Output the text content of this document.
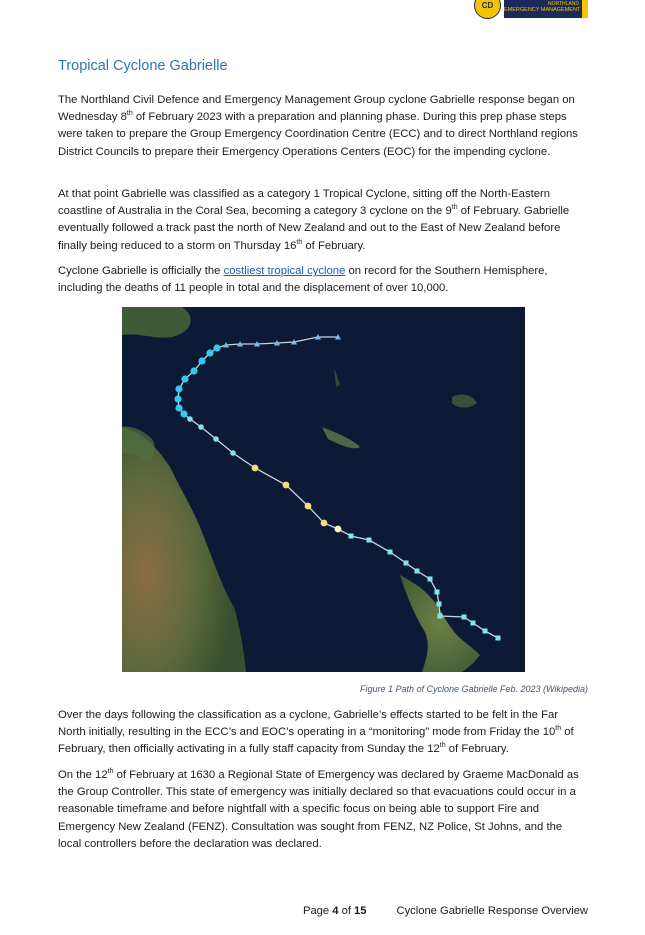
CD	NORTHLAND
EMERGENCY MANAGEMENT
Tropical Cyclone Gabrielle

The Northland Civil Defence and Emergency Management Group cyclone Gabrielle response began on Wednesday 8th of February 2023 with a preparation and planning phase. During this prep phase steps were taken to prepare the Group Emergency Coordination Centre (ECC) and to direct Northland regions District Councils to prepare their Emergency Operations Centers (EOC) for the impending cyclone.

At that point Gabrielle was classified as a category 1 Tropical Cyclone, sitting off the North-Eastern coastline of Australia in the Coral Sea, becoming a category 3 cyclone on the 9th of February. Gabrielle eventually followed a track past the north of New Zealand and out to the East of New Zealand before finally being reduced to a storm on Thursday 16th of February.

Cyclone Gabrielle is officially the costliest tropical cyclone on record for the Southern Hemisphere, including the deaths of 11 people in total and the displacement of over 10,000.

Figure 1 Path of Cyclone Gabrielle Feb. 2023 (Wikipedia)

Over the days following the classification as a cyclone, Gabrielle’s effects started to be felt in the Far North initially, resulting in the ECC’s and EOC’s operating in a “monitoring” mode from Friday the 10th of February, then officially activating in a fully staff capacity from Sunday the 12th of February.

On the 12th of February at 1630 a Regional State of Emergency was declared by Graeme MacDonald as the Group Controller. This state of emergency was initially declared so that evacuations could occur in a reasonable timeframe and before nightfall with a specific focus on being able to support Fire and Emergency New Zealand (FENZ). Consultation was sought from FENZ, NZ Police, St Johns, and the local controllers before the declaration was declared.

Page 4 of 15	Cyclone Gabrielle Response Overview
